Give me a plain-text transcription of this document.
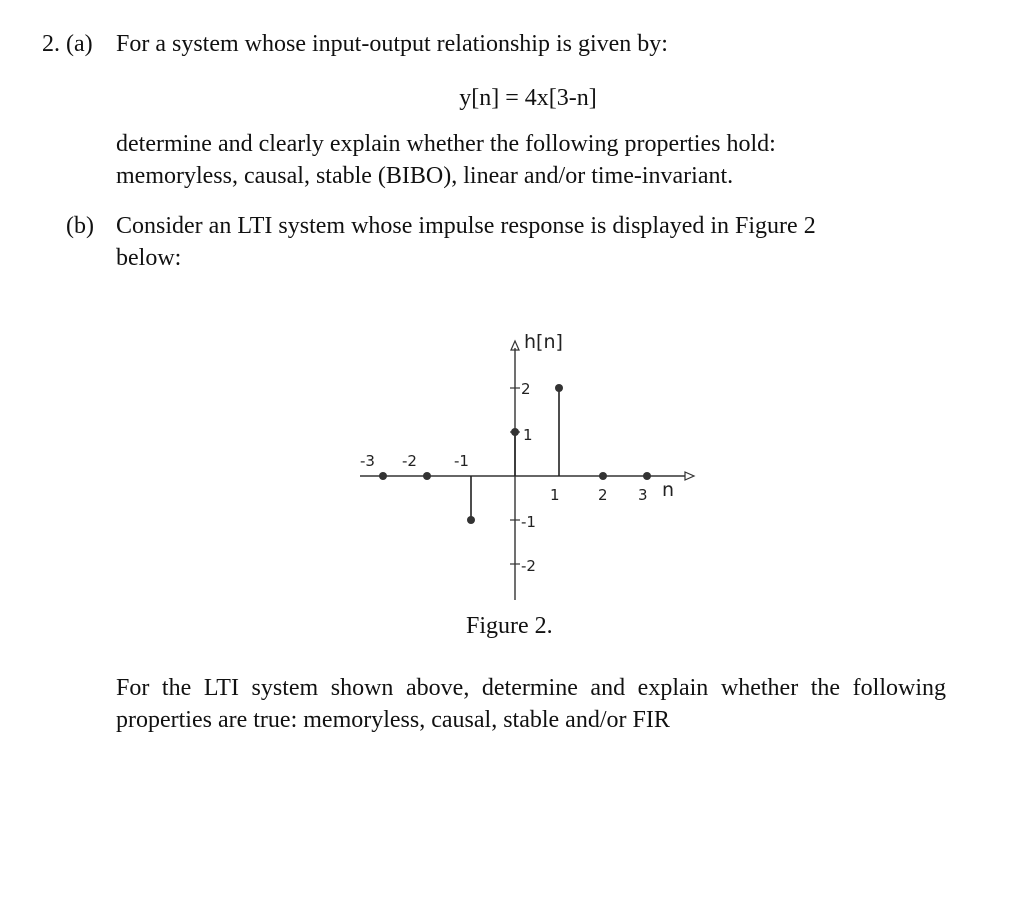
2. (a) For a system whose input-output relationship is given by:
y[n] = 4x[3-n]
determine and clearly explain whether the following properties hold:
memoryless, causal, stable (BIBO), linear and/or time-invariant.
(b) Consider an LTI system whose impulse response is displayed in Figure 2
below:
h[n]
n
-3 -2 -1
1	2 3
2
1
-1
-2
Figure 2.
For the LTI system shown above, determine and explain whether the following properties are true: memoryless, causal, stable and/or FIR
